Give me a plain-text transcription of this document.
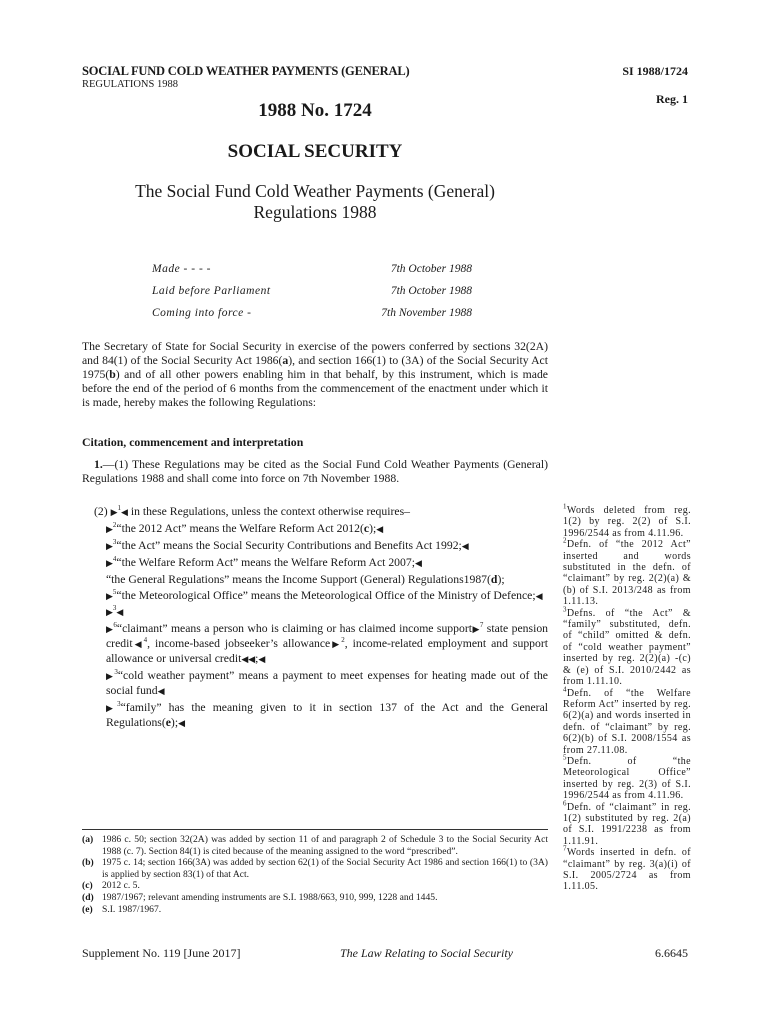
SOCIAL FUND COLD WEATHER PAYMENTS (GENERAL)
REGULATIONS 1988
SI 1988/1724
Reg. 1
1988 No. 1724
SOCIAL SECURITY
The Social Fund Cold Weather Payments (General)
Regulations 1988
Made - - - -	7th October 1988
Laid before Parliament	7th October 1988
Coming into force -	7th November 1988
The Secretary of State for Social Security in exercise of the powers conferred by sections 32(2A) and 84(1) of the Social Security Act 1986(a), and section 166(1) to (3A) of the Social Security Act 1975(b) and of all other powers enabling him in that behalf, by this instrument, which is made before the end of the period of 6 months from the commencement of the enactment under which it is made, hereby makes the following Regulations:
Citation, commencement and interpretation
1.—(1) These Regulations may be cited as the Social Fund Cold Weather Payments (General) Regulations 1988 and shall come into force on 7th November 1988.

(2) ▶$^1$◀ in these Regulations, unless the context otherwise requires–

▶$^2$“the 2012 Act” means the Welfare Reform Act 2012(c);◀

▶$^3$“the Act” means the Social Security Contributions and Benefits Act 1992;◀

▶$^4$“the Welfare Reform Act” means the Welfare Reform Act 2007;◀

“the General Regulations” means the Income Support (General) Regulations1987(d);

▶$^5$“the Meteorological Office” means the Meteorological Office of the Ministry of Defence;◀

▶$^3$◀

▶$^6$“claimant” means a person who is claiming or has claimed income support▶$^7$ state pension credit◀$^4$, income-based jobseeker’s allowance▶$^2$, income-related employment and support allowance or universal credit◀◀;◀

▶$^3$“cold weather payment” means a payment to meet expenses for heating made out of the social fund◀

▶$^3$“family” has the meaning given to it in section 137 of the Act and the General Regulations(e);◀

$^1$Words deleted from reg. 1(2) by reg. 2(2) of S.I. 1996/2544 as from 4.11.96.

$^2$Defn. of “the 2012 Act” inserted and words substituted in the defn. of “claimant” by reg. 2(2)(a) & (b) of S.I. 2013/248 as from 1.11.13.

$^3$Defns. of “the Act” & “family” substituted, defn. of “child” omitted & defn. of “cold weather payment” inserted by reg. 2(2)(a) -(c) & (e) of S.I. 2010/2442 as from 1.11.10.

$^4$Defn. of “the Welfare Reform Act” inserted by reg. 6(2)(a) and words inserted in defn. of “claimant” by reg. 6(2)(b) of S.I. 2008/1554 as from 27.11.08.

$^5$Defn. of “the Meteorological Office” inserted by reg. 2(3) of S.I. 1996/2544 as from 4.11.96.

$^6$Defn. of “claimant” in reg. 1(2) substituted by reg. 2(a) of S.I. 1991/2238 as from 1.11.91.

$^7$Words inserted in defn. of “claimant” by reg. 3(a)(i) of S.I. 2005/2724 as from 1.11.05.

(a) 1986 c. 50; section 32(2A) was added by section 11 of and paragraph 2 of Schedule 3 to the Social Security Act 1988 (c. 7). Section 84(1) is cited because of the meaning assigned to the word “prescribed”.
(b) 1975 c. 14; section 166(3A) was added by section 62(1) of the Social Security Act 1986 and section 166(1) to (3A) is applied by section 83(1) of that Act.
(c) 2012 c. 5.
(d) 1987/1967; relevant amending instruments are S.I. 1988/663, 910, 999, 1228 and 1445.
(e) S.I. 1987/1967.
Supplement No. 119 [June 2017]	The Law Relating to Social Security	6.6645
